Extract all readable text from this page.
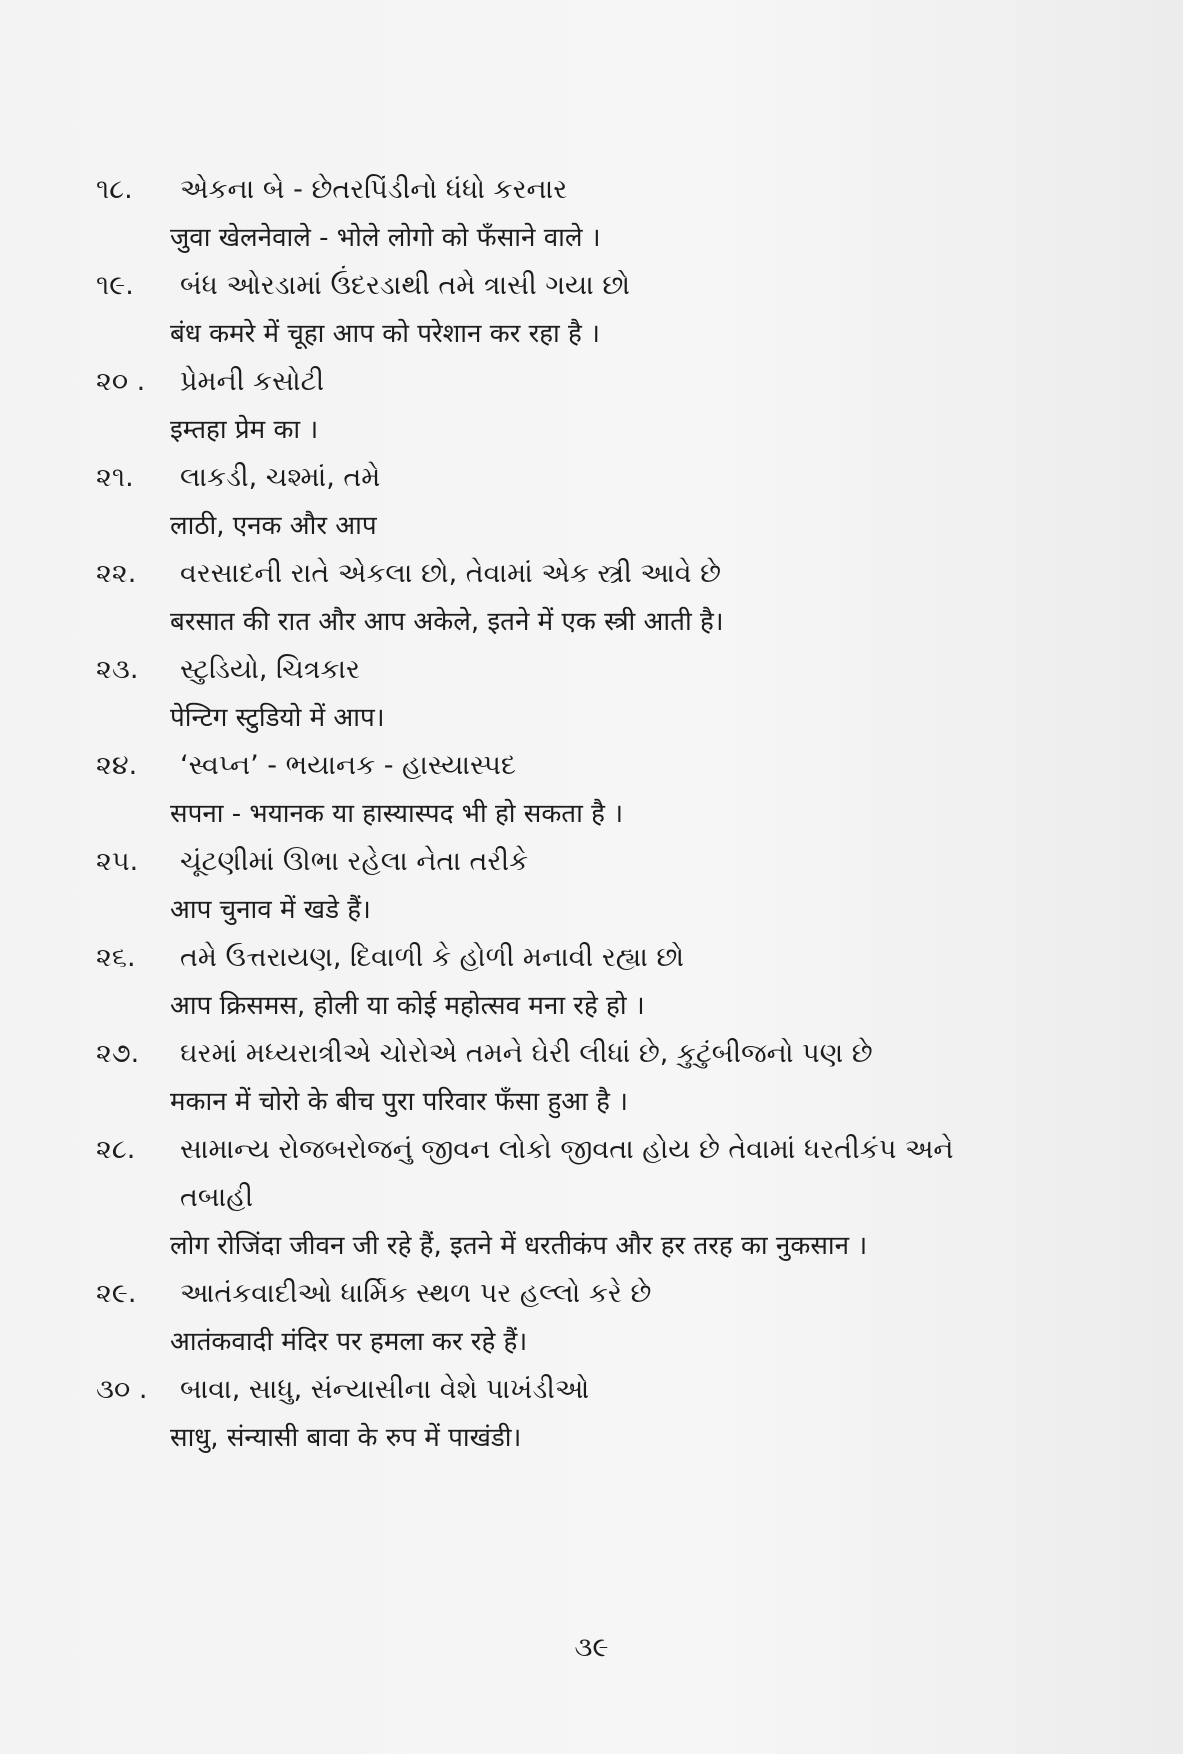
૧૮.	એકના બે - છેતરપિંડીનો ધંધો કરનાર
जुवा खेलनेवाले - भोले लोगो को फँसाने वाले ।
૧૯.	બંધ ઓરડામાં ઉંદરડાથી તમે ત્રાસી ગયા છો
बंध कमरे में चूहा आप को परेशान कर रहा है ।
૨૦ .	પ્રેમની કસોટી
इम्तहा प्रेम का ।
૨૧.	લાકડી, ચશ્માં, તમે
लाठी, एनक और आप
૨૨.	વરસાદની રાતે એકલા છો, તેવામાં એક સ્ત્રી આવે છે
बरसात की रात और आप अकेले, इतने में एक स्त्री आती है।
૨૩.	સ્ટુડિયો, ચિત્રકાર
पेन्टिग स्टुडियो में आप।
૨૪.	‘સ્વપ્ન’ - ભયાનક - હાસ્યાસ્પદ
सपना - भयानक या हास्यास्पद भी हो सकता है ।
૨૫.	ચૂંટણીમાં ઊભા રહેલા નેતા તરીકે
आप चुनाव में खडे हैं।
૨૬.	તમે ઉત્તરાયણ, દિવાળી કે હોળી મનાવી રહ્યા છો
आप क्रिसमस, होली या कोई महोत्सव मना रहे हो ।
૨૭.	ઘરમાં મધ્યરાત્રીએ ચોરોએ તમને ઘેરી લીધાં છે, કુટુંબીજનો પણ છે
मकान में चोरो के बीच पुरा परिवार फँसा हुआ है ।
૨૮.	સામાન્ય રોજબરોજનું જીવન લોકો જીવતા હોય છે તેવામાં ધરતીકંપ અને તબાહી
लोग रोजिंदा जीवन जी रहे हैं, इतने में धरतीकंप और हर तरह का नुकसान ।
૨૯.	આતંકવાદીઓ ધાર્મિક સ્થળ પર હલ્લો કરે છે
आतंकवादी मंदिर पर हमला कर रहे हैं।
૩૦ .	બાવા, સાધુ, સંન્યાસીના વેશે પાખંડીઓ
साधु, संन्यासी बावा के रुप में पाखंडी।
૩૯
